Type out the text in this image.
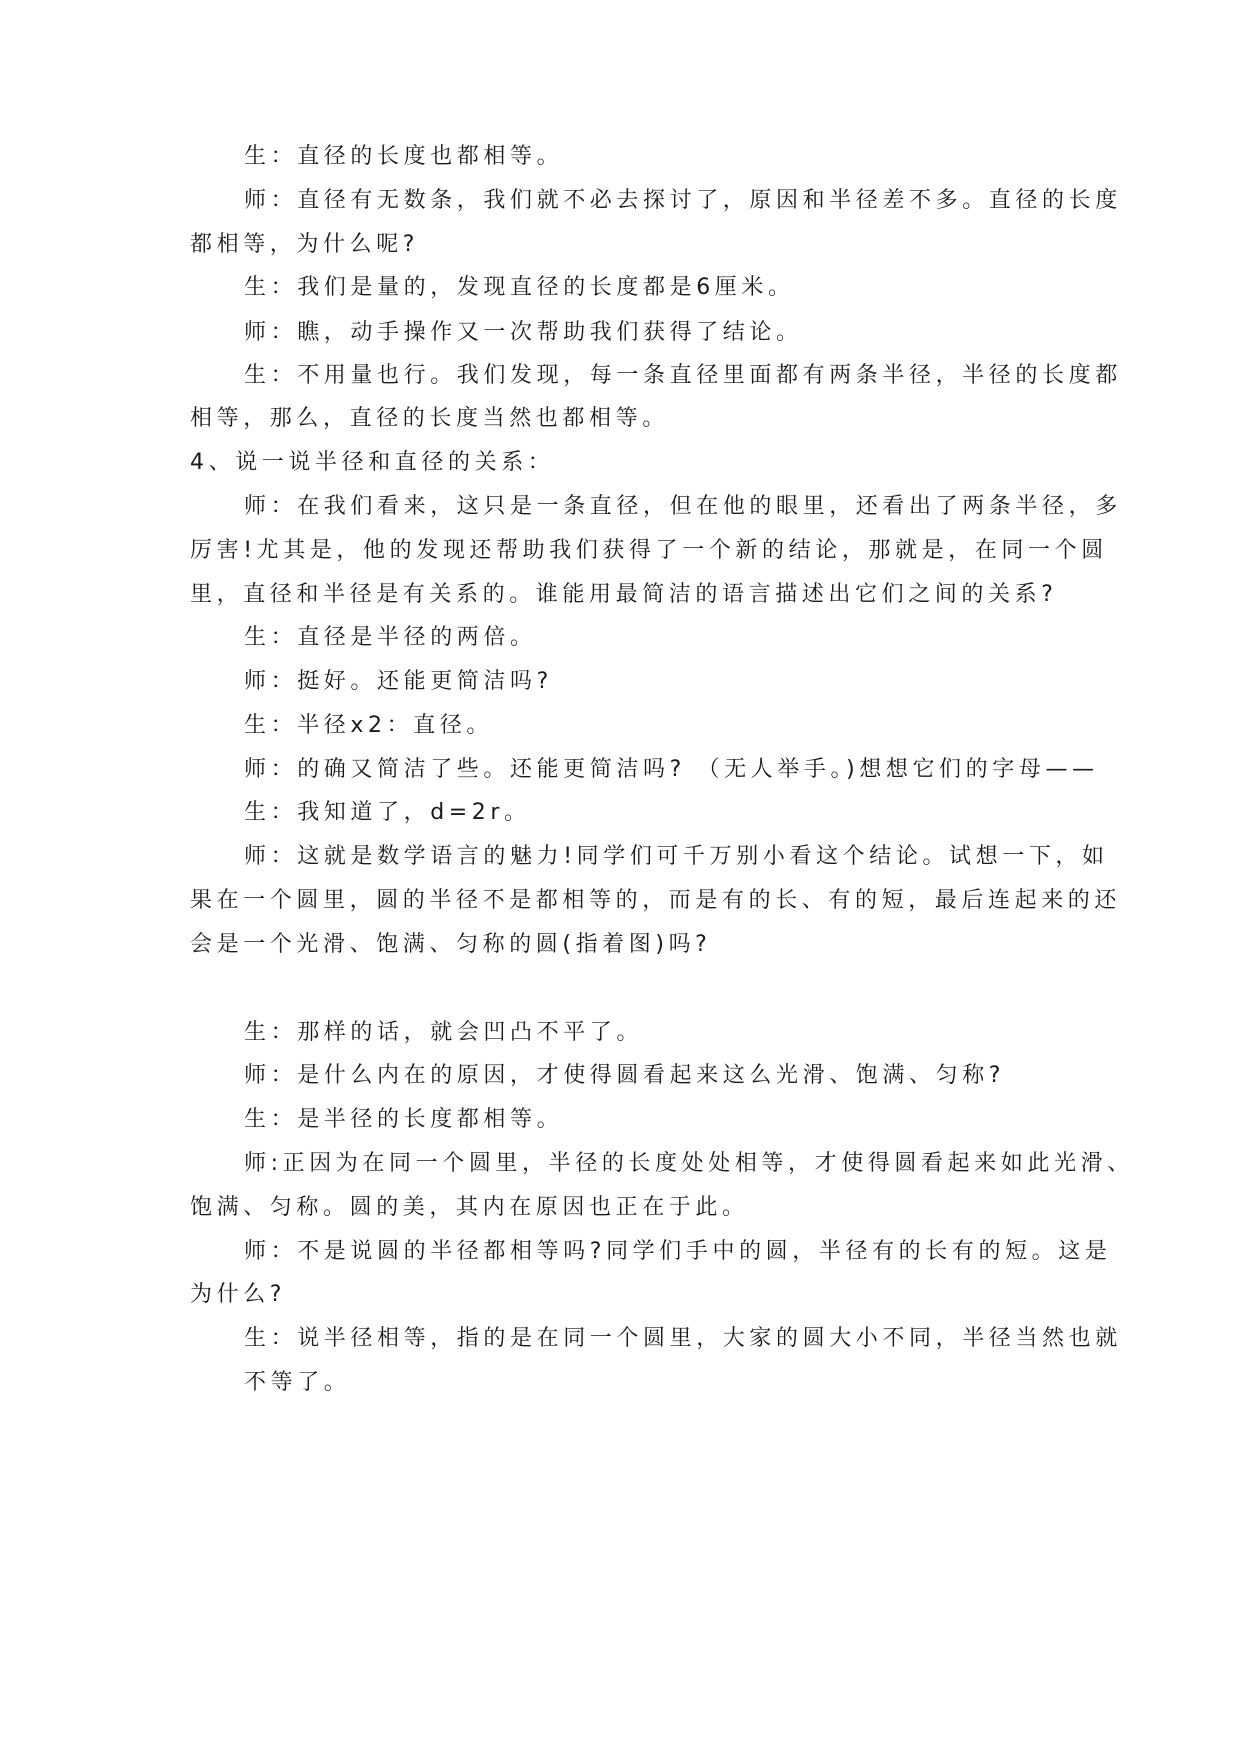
生：直径的长度也都相等。
师：直径有无数条，我们就不必去探讨了，原因和半径差不多。直径的长度
都相等，为什么呢?
生：我们是量的，发现直径的长度都是6厘米。
师：瞧，动手操作又一次帮助我们获得了结论。
生：不用量也行。我们发现，每一条直径里面都有两条半径，半径的长度都
相等，那么，直径的长度当然也都相等。
4、说一说半径和直径的关系：
师：在我们看来，这只是一条直径，但在他的眼里，还看出了两条半径，多
厉害!尤其是，他的发现还帮助我们获得了一个新的结论，那就是，在同一个圆
里，直径和半径是有关系的。谁能用最简洁的语言描述出它们之间的关系?
生：直径是半径的两倍。
师：挺好。还能更简洁吗?
生：半径x2：直径。
师：的确又简洁了些。还能更简洁吗? （无人举手。)想想它们的字母——
生：我知道了，d=2r。
师：这就是数学语言的魅力!同学们可千万别小看这个结论。试想一下，如
果在一个圆里，圆的半径不是都相等的，而是有的长、有的短，最后连起来的还
会是一个光滑、饱满、匀称的圆(指着图)吗?
生：那样的话，就会凹凸不平了。
师：是什么内在的原因，才使得圆看起来这么光滑、饱满、匀称?
生：是半径的长度都相等。
师:正因为在同一个圆里，半径的长度处处相等，才使得圆看起来如此光滑、
饱满、匀称。圆的美，其内在原因也正在于此。
师：不是说圆的半径都相等吗?同学们手中的圆，半径有的长有的短。这是
为什么?
生：说半径相等，指的是在同一个圆里，大家的圆大小不同，半径当然也就
不等了。
